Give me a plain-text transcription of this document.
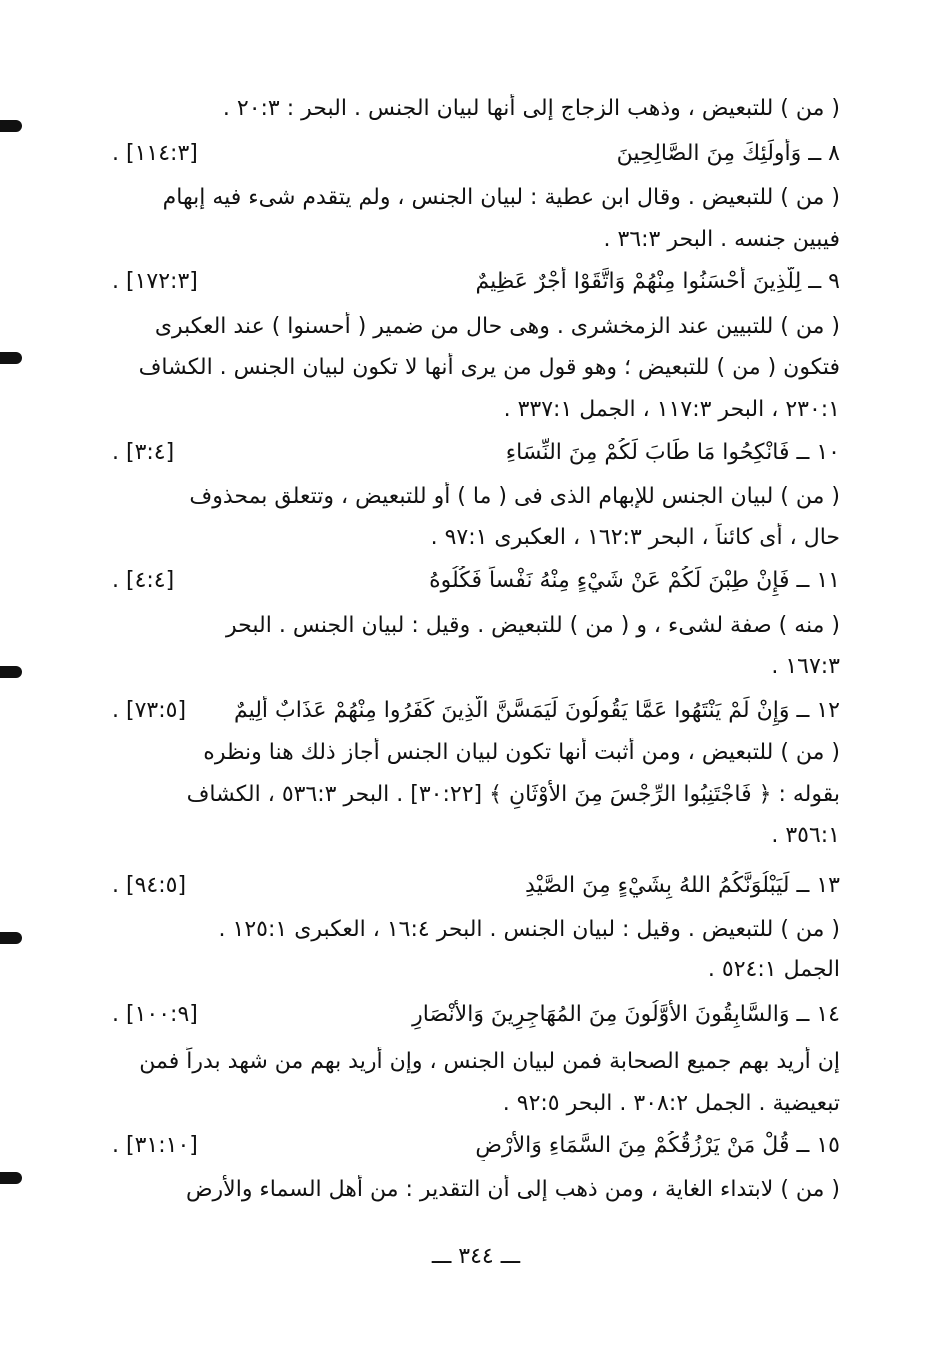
( من ) للتبعيض ، وذهب الزجاج إلى أنها لبيان الجنس . البحر : ٢٠:٣ .
٨ ــ وَأُولَئِكَ مِنَ الصَّالِحِينَ
[١١٤:٣] .
( من ) للتبعيض . وقال ابن عطية : لبيان الجنس ، ولم يتقدم شىء فيه إبهام
فيبين جنسه . البحر ٣٦:٣ .
٩ ــ لِلَّذِينَ أَحْسَنُوا مِنْهُمْ وَاتَّقَوْا أَجْرٌ عَظِيمٌ
[١٧٢:٣] .
( من ) للتبيين عند الزمخشرى . وهى حال من ضمير ( أحسنوا ) عند العكبرى
فتكون ( من ) للتبعيض ؛ وهو قول من يرى أنها لا تكون لبيان الجنس . الكشاف
٢٣٠:١ ، البحر ١١٧:٣ ، الجمل ٣٣٧:١ .
١٠ ــ فَانْكِحُوا مَا طَابَ لَكُمْ مِنَ النِّسَاءِ
[٣:٤] .
( من ) لبيان الجنس للإبهام الذى فى ( ما ) أو للتبعيض ، وتتعلق بمحذوف
حال ، أى كائناً ، البحر ١٦٢:٣ ، العكبرى ٩٧:١ .
١١ ــ فَإِنْ طِبْنَ لَكُمْ عَنْ شَيْءٍ مِنْهُ نَفْساً فَكُلُوهُ
[٤:٤] .
( منه ) صفة لشىء ، و ( من ) للتبعيض . وقيل : لبيان الجنس . البحر
١٦٧:٣ .
١٢ ــ وَإِنْ لَمْ يَنْتَهُوا عَمَّا يَقُولُونَ لَيَمَسَّنَّ الَّذِينَ كَفَرُوا مِنْهُمْ عَذَابٌ أَلِيمٌ
[٧٣:٥] .
( من ) للتبعيض ، ومن أثبت أنها تكون لبيان الجنس أجاز ذلك هنا ونظره
بقوله : ﴿ فَاجْتَنِبُوا الرِّجْسَ مِنَ الأَوْثَانِ ﴾ [٣٠:٢٢] . البحر ٥٣٦:٣ ، الكشاف
٣٥٦:١ .
١٣ ــ لَيَبْلُوَنَّكُمُ اللهُ بِشَيْءٍ مِنَ الصَّيْدِ
[٩٤:٥] .
( من ) للتبعيض . وقيل : لبيان الجنس . البحر ١٦:٤ ، العكبرى ١٢٥:١ .
الجمل ٥٢٤:١ .
١٤ ــ وَالسَّابِقُونَ الأَوَّلُونَ مِنَ المُهَاجِرِينَ وَالأَنْصَارِ
[١٠٠:٩] .
إن أريد بهم جميع الصحابة فمن لبيان الجنس ، وإن أريد بهم من شهد بدراً فمن
تبعيضية . الجمل ٣٠٨:٢ . البحر ٩٢:٥ .
١٥ ــ قُلْ مَنْ يَرْزُقُكُمْ مِنَ السَّمَاءِ وَالأَرْضِ
[٣١:١٠] .
( من ) لابتداء الغاية ، ومن ذهب إلى أن التقدير : من أهل السماء والأرض
ـــ ٣٤٤ ـــ
